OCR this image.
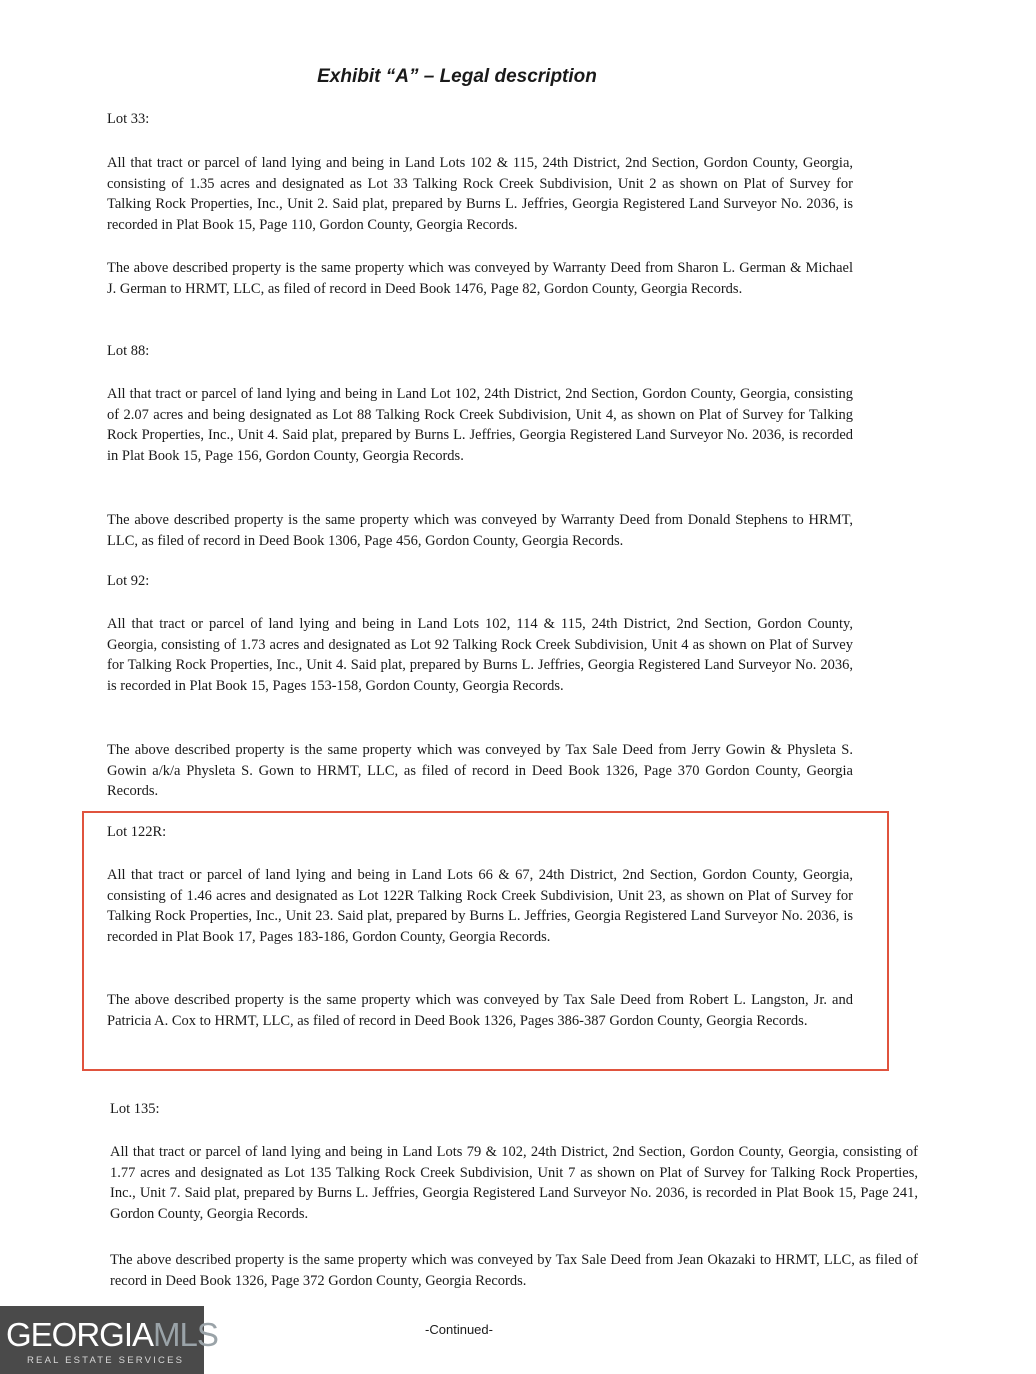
Exhibit “A” – Legal description
Lot 33:
All that tract or parcel of land lying and being in Land Lots 102 & 115, 24th District, 2nd Section, Gordon County, Georgia, consisting of 1.35 acres and designated as Lot 33 Talking Rock Creek Subdivision, Unit 2 as shown on Plat of Survey for Talking Rock Properties, Inc., Unit 2. Said plat, prepared by Burns L. Jeffries, Georgia Registered Land Surveyor No. 2036, is recorded in Plat Book 15, Page 110, Gordon County, Georgia Records.
The above described property is the same property which was conveyed by Warranty Deed from Sharon L. German & Michael J. German to HRMT, LLC, as filed of record in Deed Book 1476, Page 82, Gordon County, Georgia Records.
Lot 88:
All that tract or parcel of land lying and being in Land Lot 102, 24th District, 2nd Section, Gordon County, Georgia, consisting of 2.07 acres and being designated as Lot 88 Talking Rock Creek Subdivision, Unit 4, as shown on Plat of Survey for Talking Rock Properties, Inc., Unit 4. Said plat, prepared by Burns L. Jeffries, Georgia Registered Land Surveyor No. 2036, is recorded in Plat Book 15, Page 156, Gordon County, Georgia Records.
The above described property is the same property which was conveyed by Warranty Deed from Donald Stephens to HRMT, LLC, as filed of record in Deed Book 1306, Page 456, Gordon County, Georgia Records.
Lot 92:
All that tract or parcel of land lying and being in Land Lots 102, 114 & 115, 24th District, 2nd Section, Gordon County, Georgia, consisting of 1.73 acres and designated as Lot 92 Talking Rock Creek Subdivision, Unit 4 as shown on Plat of Survey for Talking Rock Properties, Inc., Unit 4. Said plat, prepared by Burns L. Jeffries, Georgia Registered Land Surveyor No. 2036, is recorded in Plat Book 15, Pages 153-158, Gordon County, Georgia Records.
The above described property is the same property which was conveyed by Tax Sale Deed from Jerry Gowin & Physleta S. Gowin a/k/a Physleta S. Gown to HRMT, LLC, as filed of record in Deed Book 1326, Page 370 Gordon County, Georgia Records.
Lot 122R:
All that tract or parcel of land lying and being in Land Lots 66 & 67, 24th District, 2nd Section, Gordon County, Georgia, consisting of 1.46 acres and designated as Lot 122R Talking Rock Creek Subdivision, Unit 23, as shown on Plat of Survey for Talking Rock Properties, Inc., Unit 23. Said plat, prepared by Burns L. Jeffries, Georgia Registered Land Surveyor No. 2036, is recorded in Plat Book 17, Pages 183-186, Gordon County, Georgia Records.
The above described property is the same property which was conveyed by Tax Sale Deed from Robert L. Langston, Jr. and Patricia A. Cox to HRMT, LLC, as filed of record in Deed Book 1326, Pages 386-387 Gordon County, Georgia Records.
Lot 135:
All that tract or parcel of land lying and being in Land Lots 79 & 102, 24th District, 2nd Section, Gordon County, Georgia, consisting of 1.77 acres and designated as Lot 135 Talking Rock Creek Subdivision, Unit 7 as shown on Plat of Survey for Talking Rock Properties, Inc., Unit 7. Said plat, prepared by Burns L. Jeffries, Georgia Registered Land Surveyor No. 2036, is recorded in Plat Book 15, Page 241, Gordon County, Georgia Records.
The above described property is the same property which was conveyed by Tax Sale Deed from Jean Okazaki to HRMT, LLC, as filed of record in Deed Book 1326, Page 372 Gordon County, Georgia Records.
-Continued-
GEORGIAMLS
REAL ESTATE SERVICES
